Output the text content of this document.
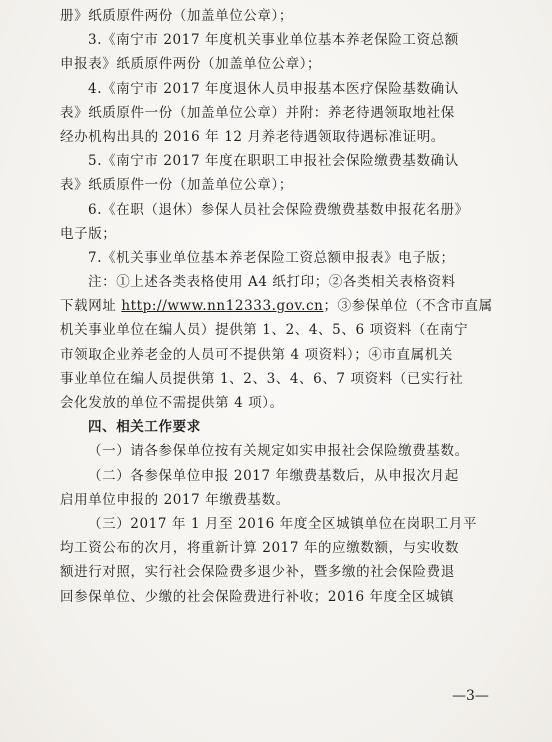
册》纸质原件两份（加盖单位公章）；
3.《南宁市 2017 年度机关事业单位基本养老保险工资总额
申报表》纸质原件两份（加盖单位公章）；
4.《南宁市 2017 年度退休人员申报基本医疗保险基数确认
表》纸质原件一份（加盖单位公章）并附：养老待遇领取地社保
经办机构出具的 2016 年 12 月养老待遇领取待遇标准证明。
5.《南宁市 2017 年度在职职工申报社会保险缴费基数确认
表》纸质原件一份（加盖单位公章）；
6.《在职（退休）参保人员社会保险费缴费基数申报花名册》
电子版；
7.《机关事业单位基本养老保险工资总额申报表》电子版；
注：①上述各类表格使用 A4 纸打印；②各类相关表格资料
下载网址 http://www.nn12333.gov.cn；③参保单位（不含市直属
机关事业单位在编人员）提供第 1、2、4、5、6 项资料（在南宁
市领取企业养老金的人员可不提供第 4 项资料）；④市直属机关
事业单位在编人员提供第 1、2、3、4、6、7 项资料（已实行社
会化发放的单位不需提供第 4 项）。
四、相关工作要求
（一）请各参保单位按有关规定如实申报社会保险缴费基数。
（二）各参保单位申报 2017 年缴费基数后，从申报次月起
启用单位申报的 2017 年缴费基数。
（三）2017 年 1 月至 2016 年度全区城镇单位在岗职工月平
均工资公布的次月，将重新计算 2017 年的应缴数额，与实收数
额进行对照，实行社会保险费多退少补，暨多缴的社会保险费退
回参保单位、少缴的社会保险费进行补收；2016 年度全区城镇
—3—
